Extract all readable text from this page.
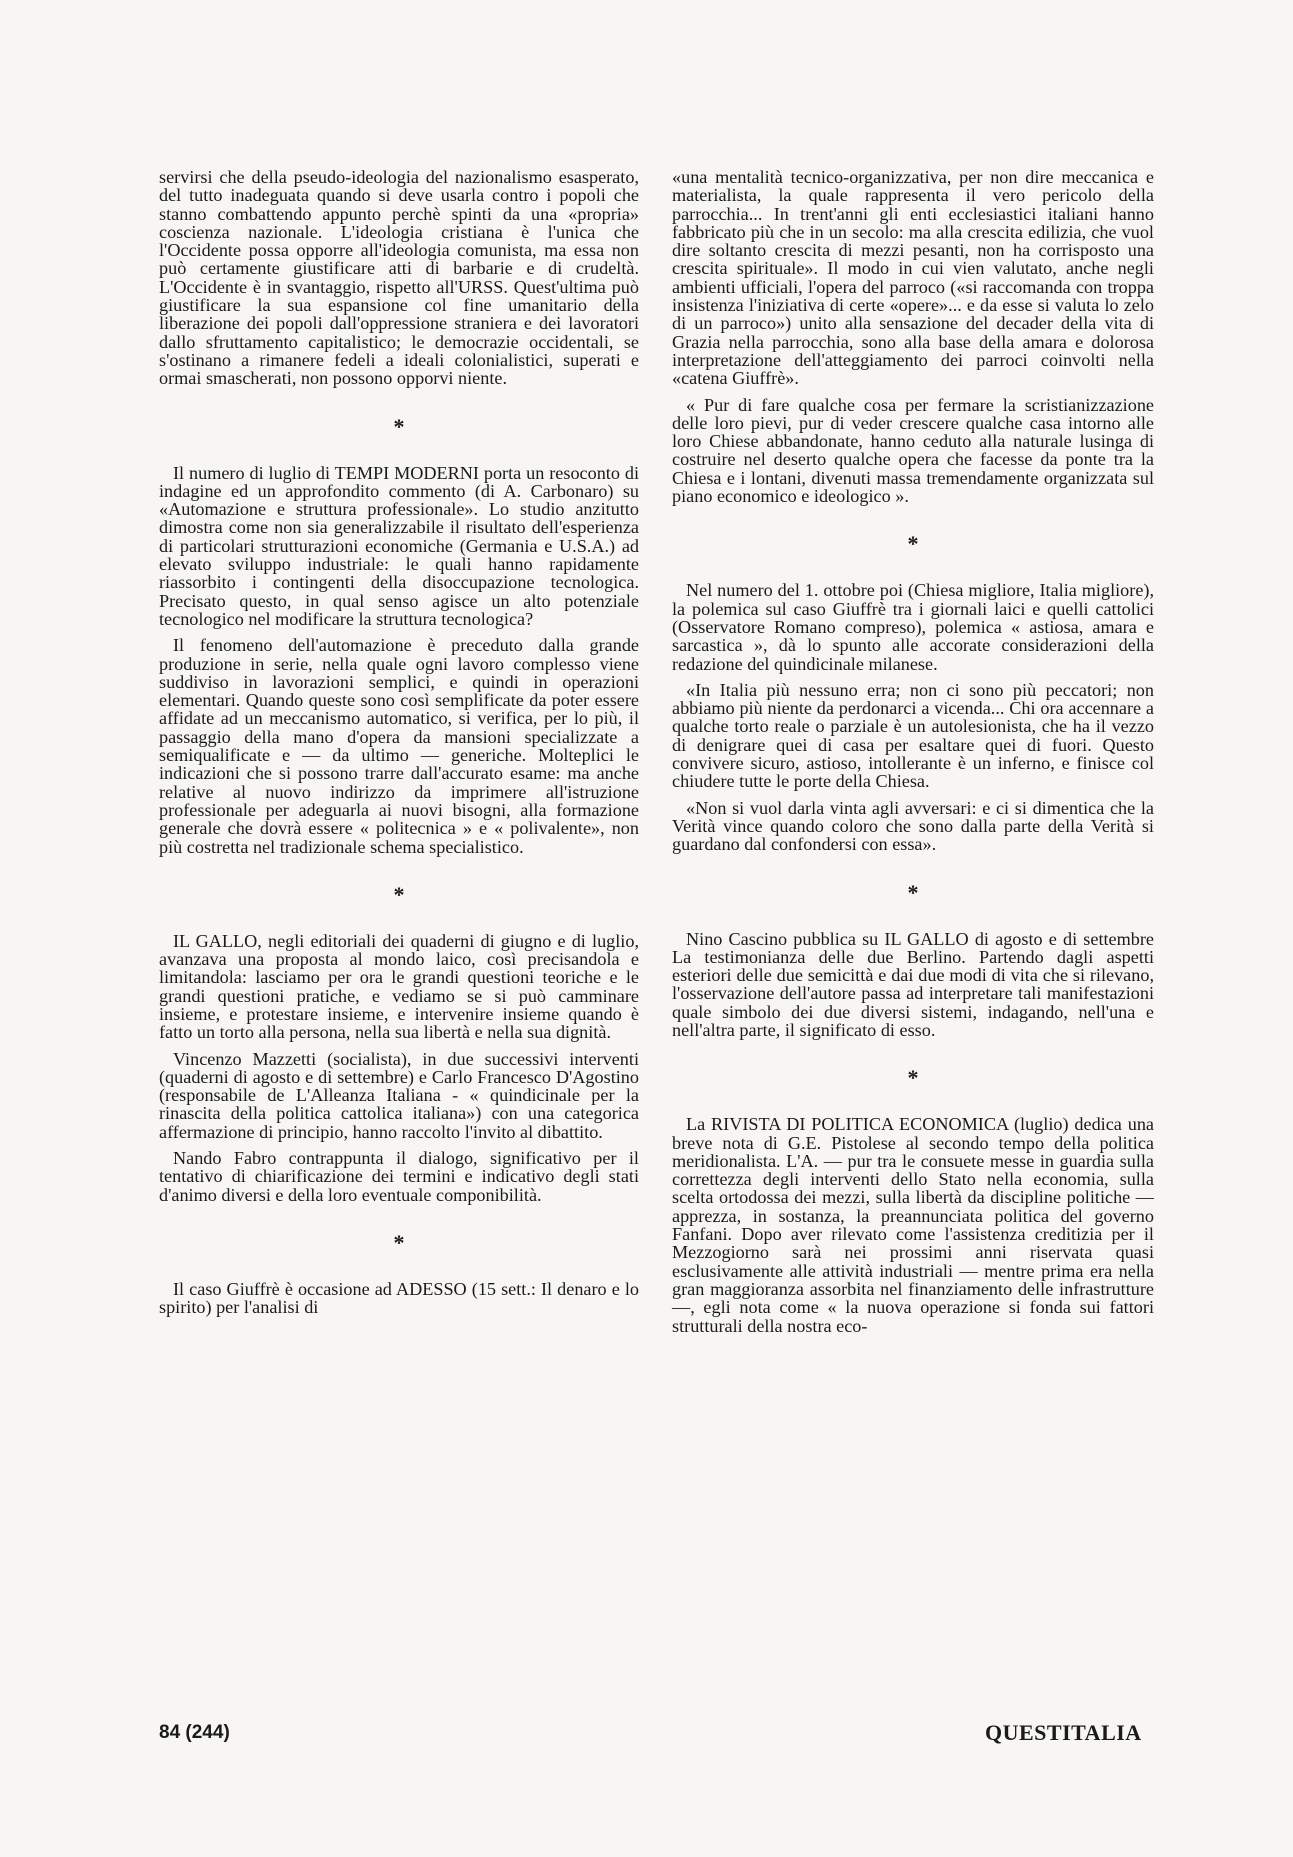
servirsi che della pseudo-ideologia del nazionalismo esasperato, del tutto inadeguata quando si deve usarla contro i popoli che stanno combattendo appunto perchè spinti da una «propria» coscienza nazionale. L'ideologia cristiana è l'unica che l'Occidente possa opporre all'ideologia comunista, ma essa non può certamente giustificare atti di barbarie e di crudeltà. L'Occidente è in svantaggio, rispetto all'URSS. Quest'ultima può giustificare la sua espansione col fine umanitario della liberazione dei popoli dall'oppressione straniera e dei lavoratori dallo sfruttamento capitalistico; le democrazie occidentali, se s'ostinano a rimanere fedeli a ideali colonialistici, superati e ormai smascherati, non possono opporvi niente.

*

Il numero di luglio di TEMPI MODERNI porta un resoconto di indagine ed un approfondito commento (di A. Carbonaro) su «Automazione e struttura professionale». Lo studio anzitutto dimostra come non sia generalizzabile il risultato dell'esperienza di particolari strutturazioni economiche (Germania e U.S.A.) ad elevato sviluppo industriale: le quali hanno rapidamente riassorbito i contingenti della disoccupazione tecnologica. Precisato questo, in qual senso agisce un alto potenziale tecnologico nel modificare la struttura tecnologica?

Il fenomeno dell'automazione è preceduto dalla grande produzione in serie, nella quale ogni lavoro complesso viene suddiviso in lavorazioni semplici, e quindi in operazioni elementari. Quando queste sono così semplificate da poter essere affidate ad un meccanismo automatico, si verifica, per lo più, il passaggio della mano d'opera da mansioni specializzate a semiqualificate e — da ultimo — generiche. Molteplici le indicazioni che si possono trarre dall'accurato esame: ma anche relative al nuovo indirizzo da imprimere all'istruzione professionale per adeguarla ai nuovi bisogni, alla formazione generale che dovrà essere « politecnica » e « polivalente», non più costretta nel tradizionale schema specialistico.

*

IL GALLO, negli editoriali dei quaderni di giugno e di luglio, avanzava una proposta al mondo laico, così precisandola e limitandola: lasciamo per ora le grandi questioni teoriche e le grandi questioni pratiche, e vediamo se si può camminare insieme, e protestare insieme, e intervenire insieme quando è fatto un torto alla persona, nella sua libertà e nella sua dignità.

Vincenzo Mazzetti (socialista), in due successivi interventi (quaderni di agosto e di settembre) e Carlo Francesco D'Agostino (responsabile de L'Alleanza Italiana - « quindicinale per la rinascita della politica cattolica italiana») con una categorica affermazione di principio, hanno raccolto l'invito al dibattito.

Nando Fabro contrappunta il dialogo, significativo per il tentativo di chiarificazione dei termini e indicativo degli stati d'animo diversi e della loro eventuale componibilità.

*

Il caso Giuffrè è occasione ad ADESSO (15 sett.: Il denaro e lo spirito) per l'analisi di

«una mentalità tecnico-organizzativa, per non dire meccanica e materialista, la quale rappresenta il vero pericolo della parrocchia... In trent'anni gli enti ecclesiastici italiani hanno fabbricato più che in un secolo: ma alla crescita edilizia, che vuol dire soltanto crescita di mezzi pesanti, non ha corrisposto una crescita spirituale». Il modo in cui vien valutato, anche negli ambienti ufficiali, l'opera del parroco («si raccomanda con troppa insistenza l'iniziativa di certe «opere»... e da esse si valuta lo zelo di un parroco») unito alla sensazione del decader della vita di Grazia nella parrocchia, sono alla base della amara e dolorosa interpretazione dell'atteggiamento dei parroci coinvolti nella «catena Giuffrè».

« Pur di fare qualche cosa per fermare la scristianizzazione delle loro pievi, pur di veder crescere qualche casa intorno alle loro Chiese abbandonate, hanno ceduto alla naturale lusinga di costruire nel deserto qualche opera che facesse da ponte tra la Chiesa e i lontani, divenuti massa tremendamente organizzata sul piano economico e ideologico ».

*

Nel numero del 1. ottobre poi (Chiesa migliore, Italia migliore), la polemica sul caso Giuffrè tra i giornali laici e quelli cattolici (Osservatore Romano compreso), polemica « astiosa, amara e sarcastica », dà lo spunto alle accorate considerazioni della redazione del quindicinale milanese.

«In Italia più nessuno erra; non ci sono più peccatori; non abbiamo più niente da perdonarci a vicenda... Chi ora accennare a qualche torto reale o parziale è un autolesionista, che ha il vezzo di denigrare quei di casa per esaltare quei di fuori. Questo convivere sicuro, astioso, intollerante è un inferno, e finisce col chiudere tutte le porte della Chiesa.

«Non si vuol darla vinta agli avversari: e ci si dimentica che la Verità vince quando coloro che sono dalla parte della Verità si guardano dal confondersi con essa».

*

Nino Cascino pubblica su IL GALLO di agosto e di settembre La testimonianza delle due Berlino. Partendo dagli aspetti esteriori delle due semicittà e dai due modi di vita che si rilevano, l'osservazione dell'autore passa ad interpretare tali manifestazioni quale simbolo dei due diversi sistemi, indagando, nell'una e nell'altra parte, il significato di esso.

*

La RIVISTA DI POLITICA ECONOMICA (luglio) dedica una breve nota di G.E. Pistolese al secondo tempo della politica meridionalista. L'A. — pur tra le consuete messe in guardia sulla correttezza degli interventi dello Stato nella economia, sulla scelta ortodossa dei mezzi, sulla libertà da discipline politiche — apprezza, in sostanza, la preannunciata politica del governo Fanfani. Dopo aver rilevato come l'assistenza creditizia per il Mezzogiorno sarà nei prossimi anni riservata quasi esclusivamente alle attività industriali — mentre prima era nella gran maggioranza assorbita nel finanziamento delle infrastrutture —, egli nota come « la nuova operazione si fonda sui fattori strutturali della nostra eco-

84 (244)	QUESTITALIA
